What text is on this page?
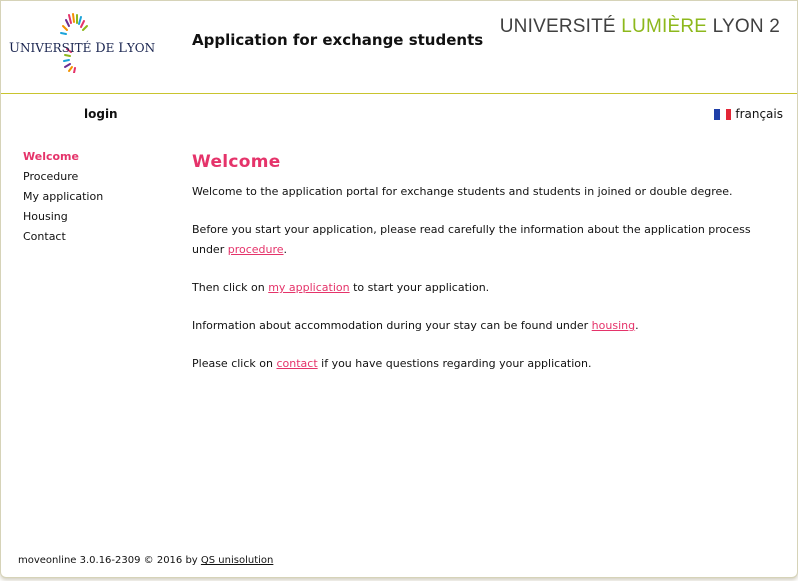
UNIVERSITÉ DE LYON Application for exchange students
UNIVERSITÉ LUMIÈRE LYON 2
login	français
Welcome
Procedure
My application
Housing
Contact
Welcome

Welcome to the application portal for exchange students and students in joined or double degree.

Before you start your application, please read carefully the information about the application process under procedure.

Then click on my application to start your application.

Information about accommodation during your stay can be found under housing.

Please click on contact if you have questions regarding your application.

moveonline 3.0.16-2309 © 2016 by QS unisolution
